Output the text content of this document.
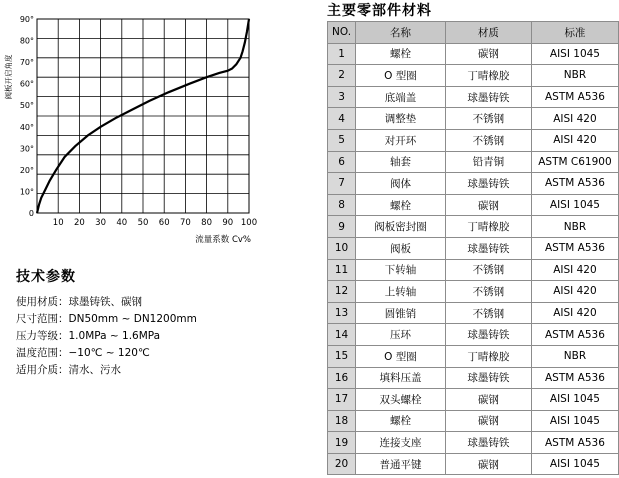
0
10°
20°
30°
40°
50°
60°
70°
80°
90°
10 20 30 40 50 60 70 80 90 100
阀板开启角度
流量系数 Cv%
技术参数
使用材质：球墨铸铁、碳钢
尺寸范围：DN50mm ~ DN1200mm
压力等级：1.0MPa ~ 1.6MPa
温度范围：−10℃ ~ 120℃
适用介质：清水、污水
主要零部件材料
NO.	名称	材质	标准
1	螺栓	碳钢	AISI 1045
2	O 型圈	丁晴橡胶	NBR
3	底端盖	球墨铸铁	ASTM A536
4	调整垫	不锈钢	AISI 420
5	对开环	不锈钢	AISI 420
6	轴套	铅青铜	ASTM C61900
7	阀体	球墨铸铁	ASTM A536
8	螺栓	碳钢	AISI 1045
9	阀板密封圈	丁晴橡胶	NBR
10	阀板	球墨铸铁	ASTM A536
11	下转轴	不锈钢	AISI 420
12	上转轴	不锈钢	AISI 420
13	圆锥销	不锈钢	AISI 420
14	压环	球墨铸铁	ASTM A536
15	O 型圈	丁晴橡胶	NBR
16	填料压盖	球墨铸铁	ASTM A536
17	双头螺栓	碳钢	AISI 1045
18	螺栓	碳钢	AISI 1045
19	连接支座	球墨铸铁	ASTM A536
20	普通平键	碳钢	AISI 1045
